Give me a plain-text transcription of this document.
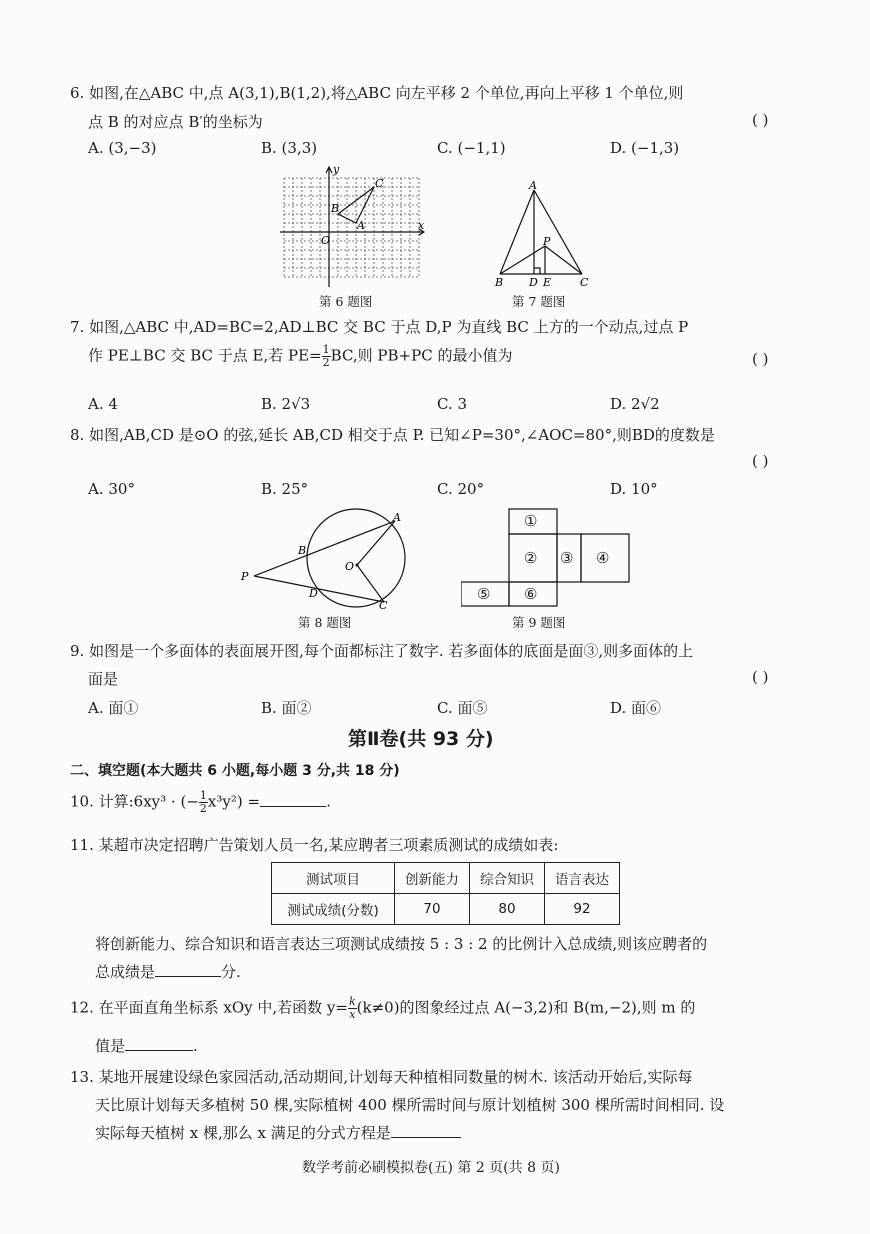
6. 如图,在△ABC 中,点 A(3,1),B(1,2),将△ABC 向左平移 2 个单位,再向上平移 1 个单位,则
点 B 的对应点 B′的坐标为	( )
A. (3,−3)	B. (3,3)	C. (−1,1)	D. (−1,3)
x
y
O
A
B
C
第 6 题图
A
B	C
D E
P
第 7 题图
7. 如图,△ABC 中,AD=BC=2,AD⊥BC 交 BC 于点 D,P 为直线 BC 上方的一个动点,过点 P
作 PE⊥BC 交 BC 于点 E,若 $PE= \frac{1}{2}$ BC,则 PB+PC 的最小值为	( )
A. 4	B. 2√3	C. 3	D. 2√2
8. 如图,AB,CD 是⊙O 的弦,延长 AB,CD 相交于点 P. 已知∠P=30°,∠AOC=80°,则BD的度数是
( )
A. 30°	B. 25°	C. 20°	D. 10°
A
B
C
D
O
P
第 8 题图
①
② ③ ④
⑤ ⑥
第 9 题图
9. 如图是一个多面体的表面展开图,每个面都标注了数字. 若多面体的底面是面③,则多面体的上
面是	( )
A. 面①	B. 面②	C. 面⑤	D. 面⑥
第Ⅱ卷(共 93 分)
二、填空题(本大题共 6 小题,每小题 3 分,共 18 分)
10. 计算:6xy³ · (− $\frac{1}{2} x^3y^2$) =	.
11. 某超市决定招聘广告策划人员一名,某应聘者三项素质测试的成绩如表:
测试项目	创新能力	综合知识	语言表达
测试成绩(分数)	70	80	92
将创新能力、综合知识和语言表达三项测试成绩按 5 : 3 : 2 的比例计入总成绩,则该应聘者的
总成绩是	分.
12. 在平面直角坐标系 xOy 中,若函数 $y= \frac{k}{x} (k\ne 0)$的图象经过点 A(−3,2)和 B(m,−2),则 m 的
值是	.
13. 某地开展建设绿色家园活动,活动期间,计划每天种植相同数量的树木. 该活动开始后,实际每
天比原计划每天多植树 50 棵,实际植树 400 棵所需时间与原计划植树 300 棵所需时间相同. 设
实际每天植树 x 棵,那么 x 满足的分式方程是
数学考前必刷模拟卷(五) 第 2 页(共 8 页)
